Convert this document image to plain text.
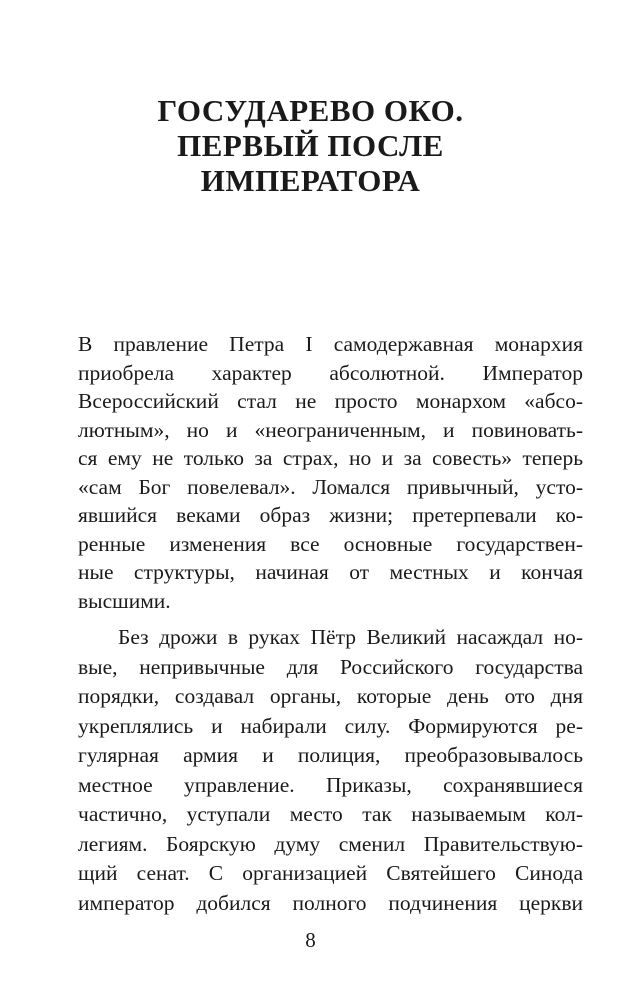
ГОСУДАРЕВО ОКО.
ПЕРВЫЙ ПОСЛЕ
ИМПЕРАТОРА
В правление Петра I самодержавная монархия
приобрела характер абсолютной. Император
Всероссийский стал не просто монархом «абсо-
лютным», но и «неограниченным, и повиновать-
ся ему не только за страх, но и за совесть» теперь
«сам Бог повелевал». Ломался привычный, усто-
явшийся веками образ жизни; претерпевали ко-
ренные изменения все основные государствен-
ные структуры, начиная от местных и кончая
высшими.
Без дрожи в руках Пётр Великий насаждал но-
вые, непривычные для Российского государства
порядки, создавал органы, которые день ото дня
укреплялись и набирали силу. Формируются ре-
гулярная армия и полиция, преобразовывалось
местное управление. Приказы, сохранявшиеся
частично, уступали место так называемым кол-
легиям. Боярскую думу сменил Правительствую-
щий сенат. С организацией Святейшего Синода
император добился полного подчинения церкви
8
